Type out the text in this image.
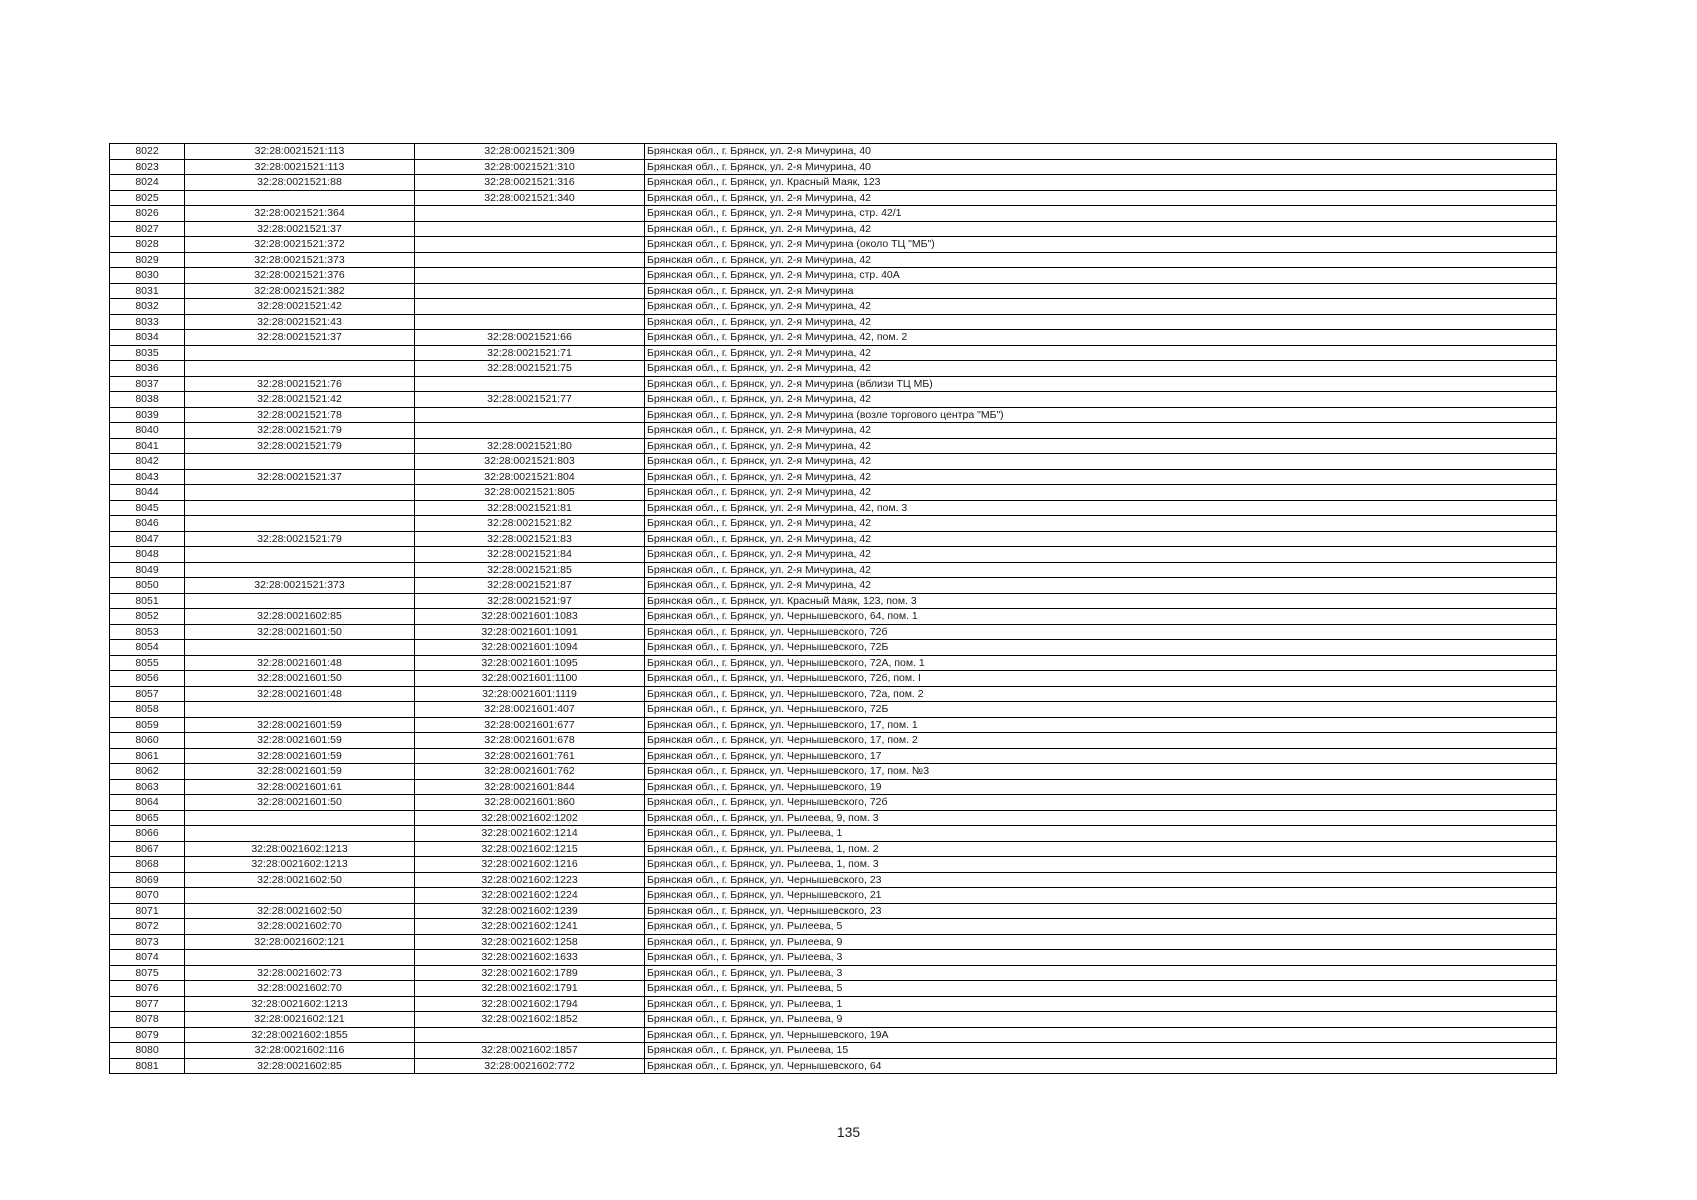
8022	32:28:0021521:113	32:28:0021521:309	Брянская обл., г. Брянск, ул. 2-я Мичурина, 40
8023	32:28:0021521:113	32:28:0021521:310	Брянская обл., г. Брянск, ул. 2-я Мичурина, 40
8024	32:28:0021521:88	32:28:0021521:316	Брянская обл., г. Брянск, ул. Красный Маяк, 123
8025		32:28:0021521:340	Брянская обл., г. Брянск, ул. 2-я Мичурина, 42
8026	32:28:0021521:364		Брянская обл., г. Брянск, ул. 2-я Мичурина, стр. 42/1
8027	32:28:0021521:37		Брянская обл., г. Брянск, ул. 2-я Мичурина, 42
8028	32:28:0021521:372		Брянская обл., г. Брянск, ул. 2-я Мичурина (около ТЦ "МБ")
8029	32:28:0021521:373		Брянская обл., г. Брянск, ул. 2-я Мичурина, 42
8030	32:28:0021521:376		Брянская обл., г. Брянск, ул. 2-я Мичурина, стр. 40А
8031	32:28:0021521:382		Брянская обл., г. Брянск, ул. 2-я Мичурина
8032	32:28:0021521:42		Брянская обл., г. Брянск, ул. 2-я Мичурина, 42
8033	32:28:0021521:43		Брянская обл., г. Брянск, ул. 2-я Мичурина, 42
8034	32:28:0021521:37	32:28:0021521:66	Брянская обл., г. Брянск, ул. 2-я Мичурина, 42, пом. 2
8035		32:28:0021521:71	Брянская обл., г. Брянск, ул. 2-я Мичурина, 42
8036		32:28:0021521:75	Брянская обл., г. Брянск, ул. 2-я Мичурина, 42
8037	32:28:0021521:76		Брянская обл., г. Брянск, ул. 2-я Мичурина (вблизи ТЦ МБ)
8038	32:28:0021521:42	32:28:0021521:77	Брянская обл., г. Брянск, ул. 2-я Мичурина, 42
8039	32:28:0021521:78		Брянская обл., г. Брянск, ул. 2-я Мичурина (возле торгового центра "МБ")
8040	32:28:0021521:79		Брянская обл., г. Брянск, ул. 2-я Мичурина, 42
8041	32:28:0021521:79	32:28:0021521:80	Брянская обл., г. Брянск, ул. 2-я Мичурина, 42
8042		32:28:0021521:803	Брянская обл., г. Брянск, ул. 2-я Мичурина, 42
8043	32:28:0021521:37	32:28:0021521:804	Брянская обл., г. Брянск, ул. 2-я Мичурина, 42
8044		32:28:0021521:805	Брянская обл., г. Брянск, ул. 2-я Мичурина, 42
8045		32:28:0021521:81	Брянская обл., г. Брянск, ул. 2-я Мичурина, 42, пом. 3
8046		32:28:0021521:82	Брянская обл., г. Брянск, ул. 2-я Мичурина, 42
8047	32:28:0021521:79	32:28:0021521:83	Брянская обл., г. Брянск, ул. 2-я Мичурина, 42
8048		32:28:0021521:84	Брянская обл., г. Брянск, ул. 2-я Мичурина, 42
8049		32:28:0021521:85	Брянская обл., г. Брянск, ул. 2-я Мичурина, 42
8050	32:28:0021521:373	32:28:0021521:87	Брянская обл., г. Брянск, ул. 2-я Мичурина, 42
8051		32:28:0021521:97	Брянская обл., г. Брянск, ул. Красный Маяк, 123, пом. 3
8052	32:28:0021602:85	32:28:0021601:1083	Брянская обл., г. Брянск, ул. Чернышевского, 64, пом. 1
8053	32:28:0021601:50	32:28:0021601:1091	Брянская обл., г. Брянск, ул. Чернышевского, 72б
8054		32:28:0021601:1094	Брянская обл., г. Брянск, ул. Чернышевского, 72Б
8055	32:28:0021601:48	32:28:0021601:1095	Брянская обл., г. Брянск, ул. Чернышевского, 72А, пом. 1
8056	32:28:0021601:50	32:28:0021601:1100	Брянская обл., г. Брянск, ул. Чернышевского, 72б, пом. I
8057	32:28:0021601:48	32:28:0021601:1119	Брянская обл., г. Брянск, ул. Чернышевского, 72а, пом. 2
8058		32:28:0021601:407	Брянская обл., г. Брянск, ул. Чернышевского, 72Б
8059	32:28:0021601:59	32:28:0021601:677	Брянская обл., г. Брянск, ул. Чернышевского, 17, пом. 1
8060	32:28:0021601:59	32:28:0021601:678	Брянская обл., г. Брянск, ул. Чернышевского, 17, пом. 2
8061	32:28:0021601:59	32:28:0021601:761	Брянская обл., г. Брянск, ул. Чернышевского, 17
8062	32:28:0021601:59	32:28:0021601:762	Брянская обл., г. Брянск, ул. Чернышевского, 17, пом. №3
8063	32:28:0021601:61	32:28:0021601:844	Брянская обл., г. Брянск, ул. Чернышевского, 19
8064	32:28:0021601:50	32:28:0021601:860	Брянская обл., г. Брянск, ул. Чернышевского, 72б
8065		32:28:0021602:1202	Брянская обл., г. Брянск, ул. Рылеева, 9, пом. 3
8066		32:28:0021602:1214	Брянская обл., г. Брянск, ул. Рылеева, 1
8067	32:28:0021602:1213	32:28:0021602:1215	Брянская обл., г. Брянск, ул. Рылеева, 1, пом. 2
8068	32:28:0021602:1213	32:28:0021602:1216	Брянская обл., г. Брянск, ул. Рылеева, 1, пом. 3
8069	32:28:0021602:50	32:28:0021602:1223	Брянская обл., г. Брянск, ул. Чернышевского, 23
8070		32:28:0021602:1224	Брянская обл., г. Брянск, ул. Чернышевского, 21
8071	32:28:0021602:50	32:28:0021602:1239	Брянская обл., г. Брянск, ул. Чернышевского, 23
8072	32:28:0021602:70	32:28:0021602:1241	Брянская обл., г. Брянск, ул. Рылеева, 5
8073	32:28:0021602:121	32:28:0021602:1258	Брянская обл., г. Брянск, ул. Рылеева, 9
8074		32:28:0021602:1633	Брянская обл., г. Брянск, ул. Рылеева, 3
8075	32:28:0021602:73	32:28:0021602:1789	Брянская обл., г. Брянск, ул. Рылеева, 3
8076	32:28:0021602:70	32:28:0021602:1791	Брянская обл., г. Брянск, ул. Рылеева, 5
8077	32:28:0021602:1213	32:28:0021602:1794	Брянская обл., г. Брянск, ул. Рылеева, 1
8078	32:28:0021602:121	32:28:0021602:1852	Брянская обл., г. Брянск, ул. Рылеева, 9
8079	32:28:0021602:1855		Брянская обл., г. Брянск, ул. Чернышевского, 19А
8080	32:28:0021602:116	32:28:0021602:1857	Брянская обл., г. Брянск, ул. Рылеева, 15
8081	32:28:0021602:85	32:28:0021602:772	Брянская обл., г. Брянск, ул. Чернышевского, 64
135
